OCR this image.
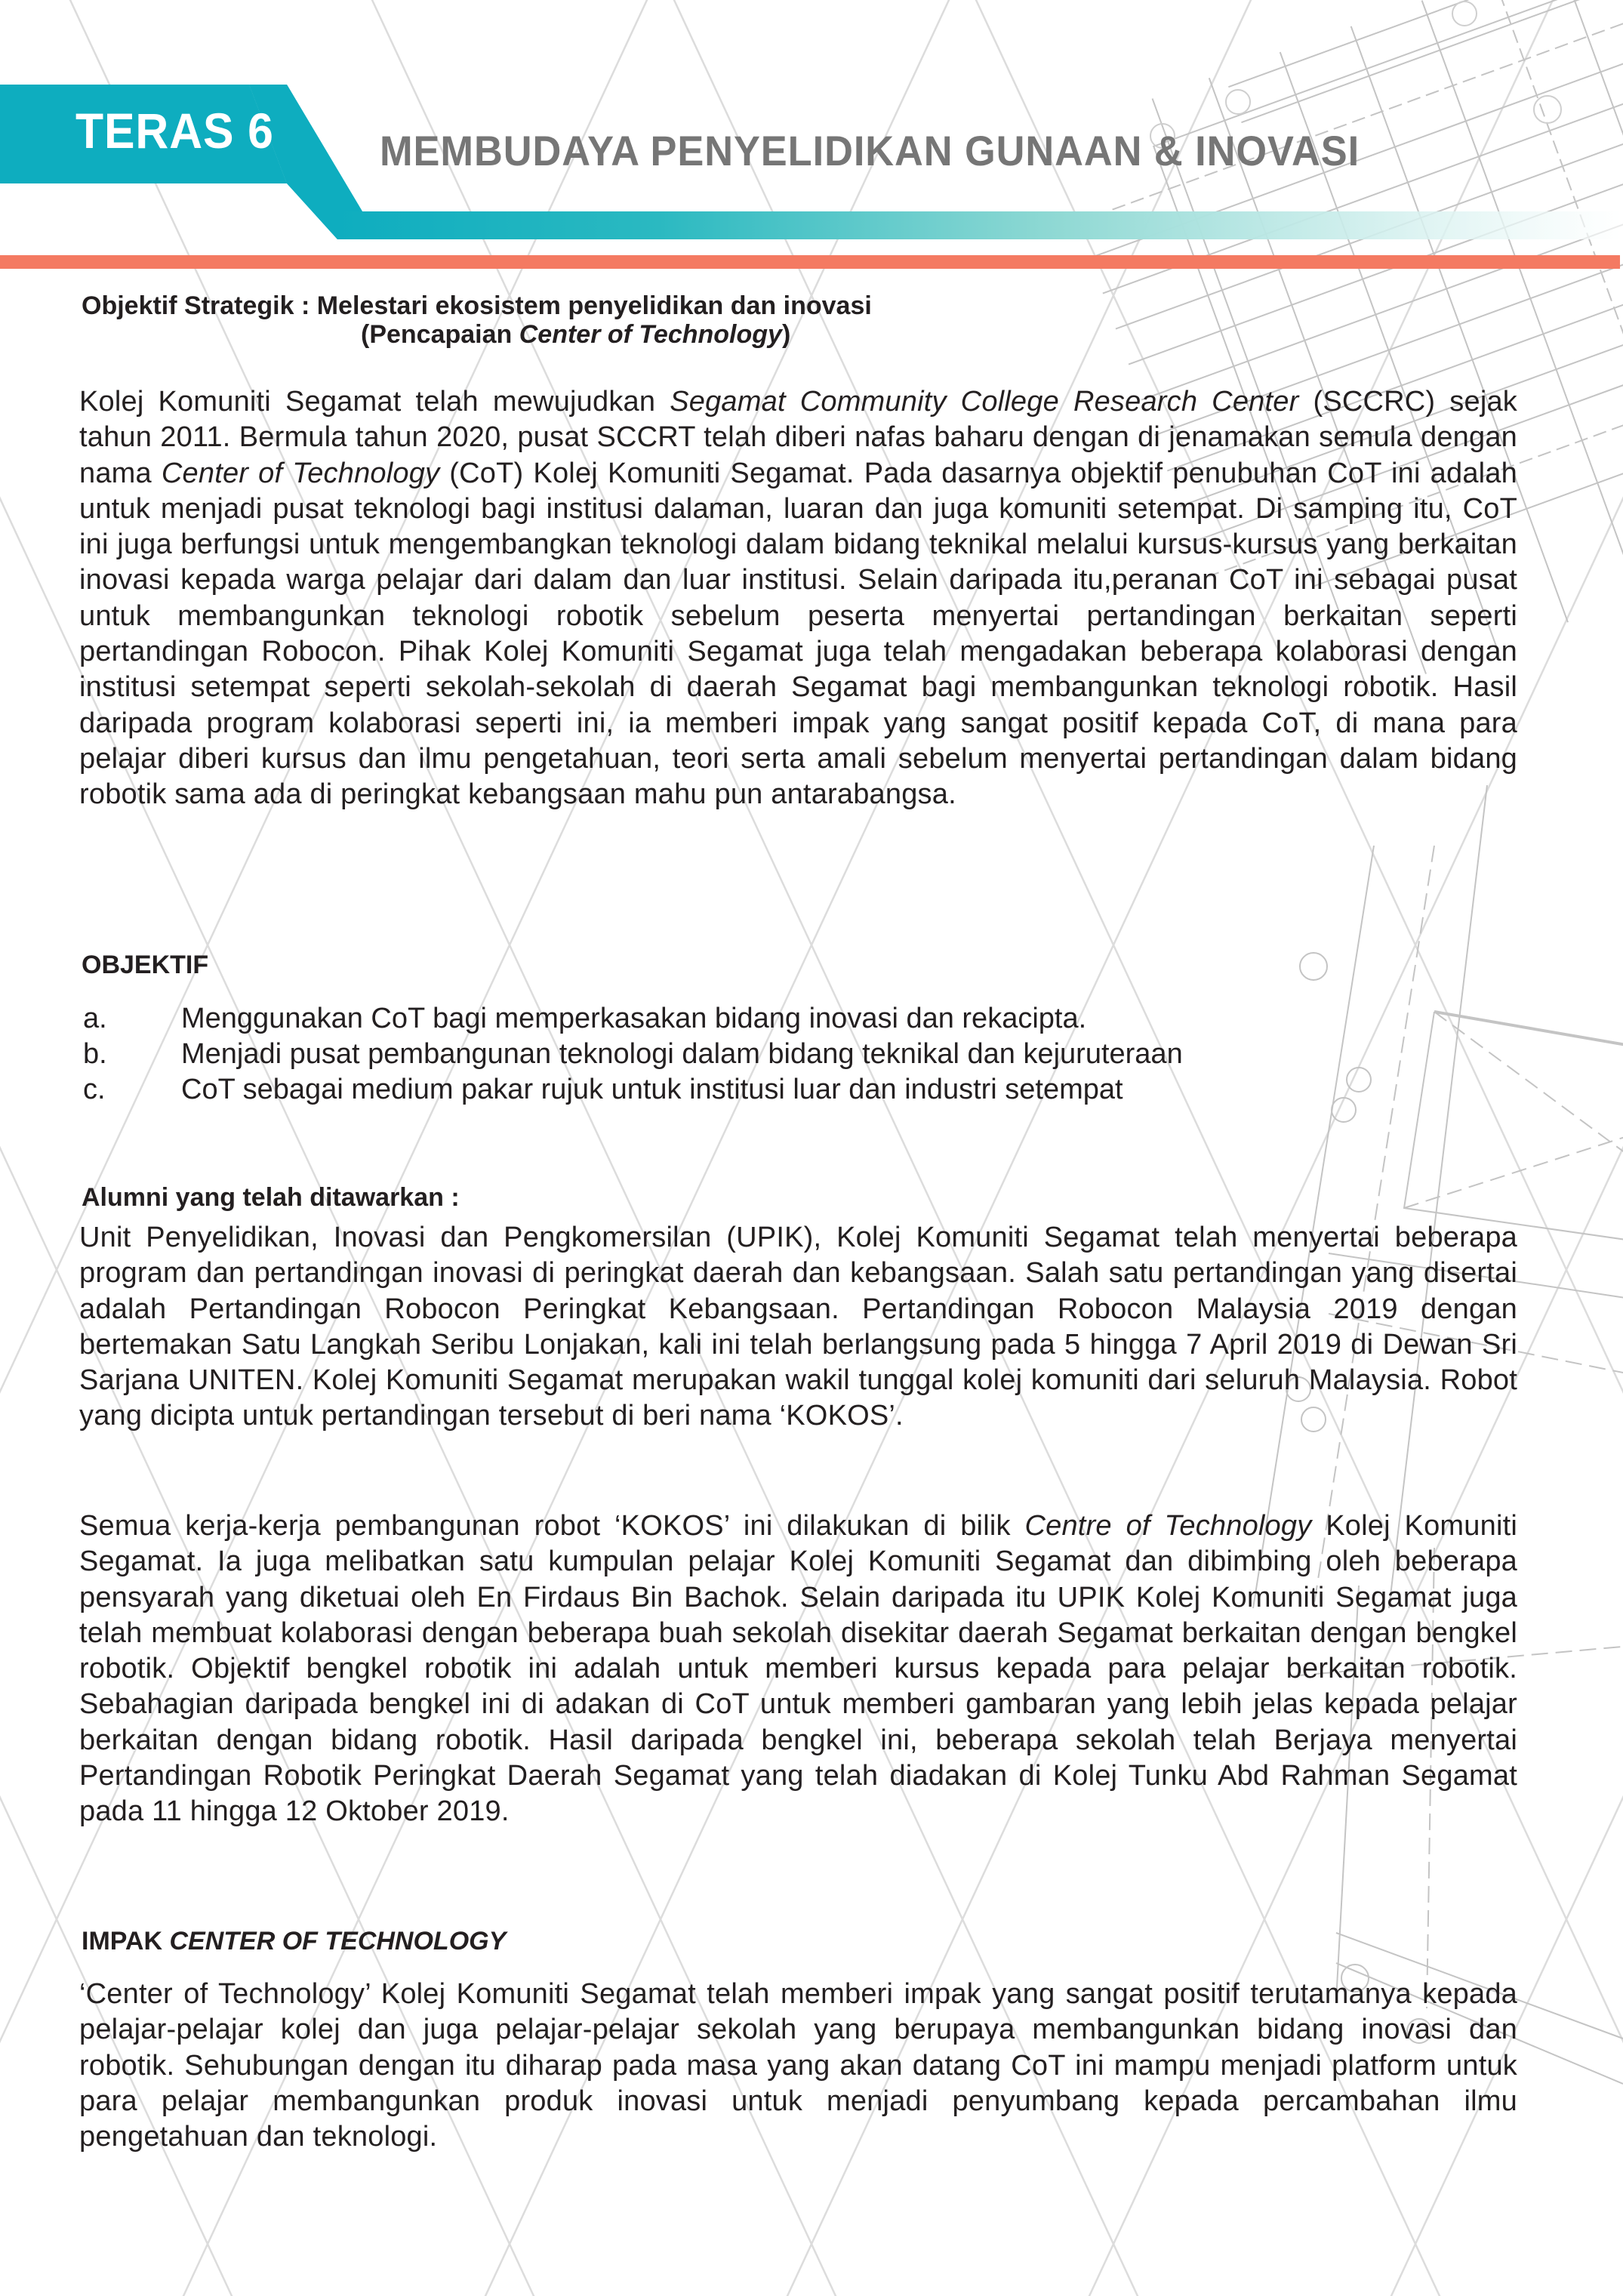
TERAS 6	MEMBUDAYA PENYELIDIKAN GUNAAN & INOVASI
Objektif Strategik : Melestari ekosistem penyelidikan dan inovasi
(Pencapaian Center of Technology)

Kolej Komuniti Segamat telah mewujudkan Segamat Community College Research Center (SCCRC) sejak tahun 2011. Bermula tahun 2020, pusat SCCRT telah diberi nafas baharu dengan di jenamakan semula dengan nama Center of Technology (CoT) Kolej Komuniti Segamat. Pada dasarnya objektif penubuhan CoT ini adalah untuk menjadi pusat teknologi bagi institusi dalaman, luaran dan juga komuniti setempat. Di samping itu, CoT ini juga berfungsi untuk mengembangkan teknologi dalam bidang teknikal melalui kursus-kursus yang berkaitan inovasi kepada warga pelajar dari dalam dan luar institusi. Selain daripada itu,peranan CoT ini sebagai pusat untuk membangunkan teknologi robotik sebelum peserta menyertai pertandingan berkaitan seperti pertandingan Robocon. Pihak Kolej Komuniti Segamat juga telah mengadakan beberapa kolaborasi dengan institusi setempat seperti sekolah-sekolah di daerah Segamat bagi membangunkan teknologi robotik. Hasil daripada program kolaborasi seperti ini, ia memberi impak yang sangat positif kepada CoT, di mana para pelajar diberi kursus dan ilmu pengetahuan, teori serta amali sebelum menyertai pertandingan dalam bidang robotik sama ada di peringkat kebangsaan mahu pun antarabangsa.

OBJEKTIF
a.	Menggunakan CoT bagi memperkasakan bidang inovasi dan rekacipta.
b.	Menjadi pusat pembangunan teknologi dalam bidang teknikal dan kejuruteraan
c.	CoT sebagai medium pakar rujuk untuk institusi luar dan industri setempat
Alumni yang telah ditawarkan :

Unit Penyelidikan, Inovasi dan Pengkomersilan (UPIK), Kolej Komuniti Segamat telah menyertai beberapa program dan pertandingan inovasi di peringkat daerah dan kebangsaan. Salah satu pertandingan yang disertai adalah Pertandingan Robocon Peringkat Kebangsaan. Pertandingan Robocon Malaysia 2019 dengan bertemakan Satu Langkah Seribu Lonjakan, kali ini telah berlangsung pada 5 hingga 7 April 2019 di Dewan Sri Sarjana UNITEN. Kolej Komuniti Segamat merupakan wakil tunggal kolej komuniti dari seluruh Malaysia. Robot yang dicipta untuk pertandingan tersebut di beri nama ‘KOKOS’.

Semua kerja-kerja pembangunan robot ‘KOKOS’ ini dilakukan di bilik Centre of Technology Kolej Komuniti Segamat. Ia juga melibatkan satu kumpulan pelajar Kolej Komuniti Segamat dan dibimbing oleh beberapa pensyarah yang diketuai oleh En Firdaus Bin Bachok. Selain daripada itu UPIK Kolej Komuniti Segamat juga telah membuat kolaborasi dengan beberapa buah sekolah disekitar daerah Segamat berkaitan dengan bengkel robotik. Objektif bengkel robotik ini adalah untuk memberi kursus kepada para pelajar berkaitan robotik. Sebahagian daripada bengkel ini di adakan di CoT untuk memberi gambaran yang lebih jelas kepada pelajar berkaitan dengan bidang robotik. Hasil daripada bengkel ini, beberapa sekolah telah Berjaya menyertai Pertandingan Robotik Peringkat Daerah Segamat yang telah diadakan di Kolej Tunku Abd Rahman Segamat pada 11 hingga 12 Oktober 2019.

IMPAK CENTER OF TECHNOLOGY

‘Center of Technology’ Kolej Komuniti Segamat telah memberi impak yang sangat positif terutamanya kepada pelajar-pelajar kolej dan juga pelajar-pelajar sekolah yang berupaya membangunkan bidang inovasi dan robotik. Sehubungan dengan itu diharap pada masa yang akan datang CoT ini mampu menjadi platform untuk para pelajar membangunkan produk inovasi untuk menjadi penyumbang kepada percambahan ilmu pengetahuan dan teknologi.
